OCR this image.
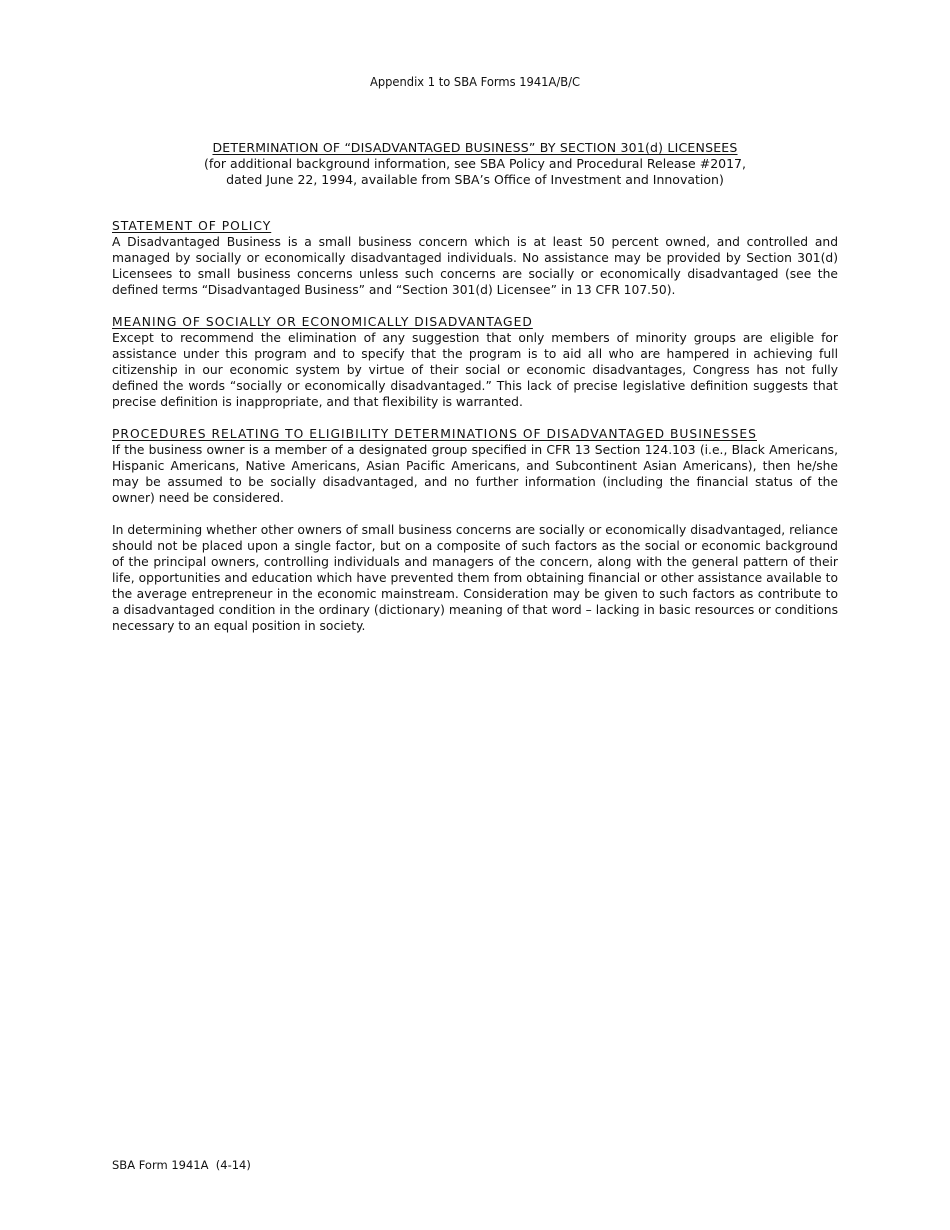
Appendix 1 to SBA Forms 1941A/B/C
DETERMINATION OF “DISADVANTAGED BUSINESS” BY SECTION 301(d) LICENSEES
(for additional background information, see SBA Policy and Procedural Release #2017,
dated June 22, 1994, available from SBA’s Office of Investment and Innovation)
STATEMENT OF POLICY

A Disadvantaged Business is a small business concern which is at least 50 percent owned, and controlled and managed by socially or economically disadvantaged individuals. No assistance may be provided by Section 301(d) Licensees to small business concerns unless such concerns are socially or economically disadvantaged (see the defined terms “Disadvantaged Business” and “Section 301(d) Licensee” in 13 CFR 107.50).

MEANING OF SOCIALLY OR ECONOMICALLY DISADVANTAGED

Except to recommend the elimination of any suggestion that only members of minority groups are eligible for assistance under this program and to specify that the program is to aid all who are hampered in achieving full citizenship in our economic system by virtue of their social or economic disadvantages, Congress has not fully defined the words “socially or economically disadvantaged.” This lack of precise legislative definition suggests that precise definition is inappropriate, and that flexibility is warranted.

PROCEDURES RELATING TO ELIGIBILITY DETERMINATIONS OF DISADVANTAGED BUSINESSES

If the business owner is a member of a designated group specified in CFR 13 Section 124.103 (i.e., Black Americans, Hispanic Americans, Native Americans, Asian Pacific Americans, and Subcontinent Asian Americans), then he/she may be assumed to be socially disadvantaged, and no further information (including the financial status of the owner) need be considered.

In determining whether other owners of small business concerns are socially or economically disadvantaged, reliance should not be placed upon a single factor, but on a composite of such factors as the social or economic background of the principal owners, controlling individuals and managers of the concern, along with the general pattern of their life, opportunities and education which have prevented them from obtaining financial or other assistance available to the average entrepreneur in the economic mainstream. Consideration may be given to such factors as contribute to a disadvantaged condition in the ordinary (dictionary) meaning of that word – lacking in basic resources or conditions necessary to an equal position in society.

SBA Form 1941A  (4-14)
